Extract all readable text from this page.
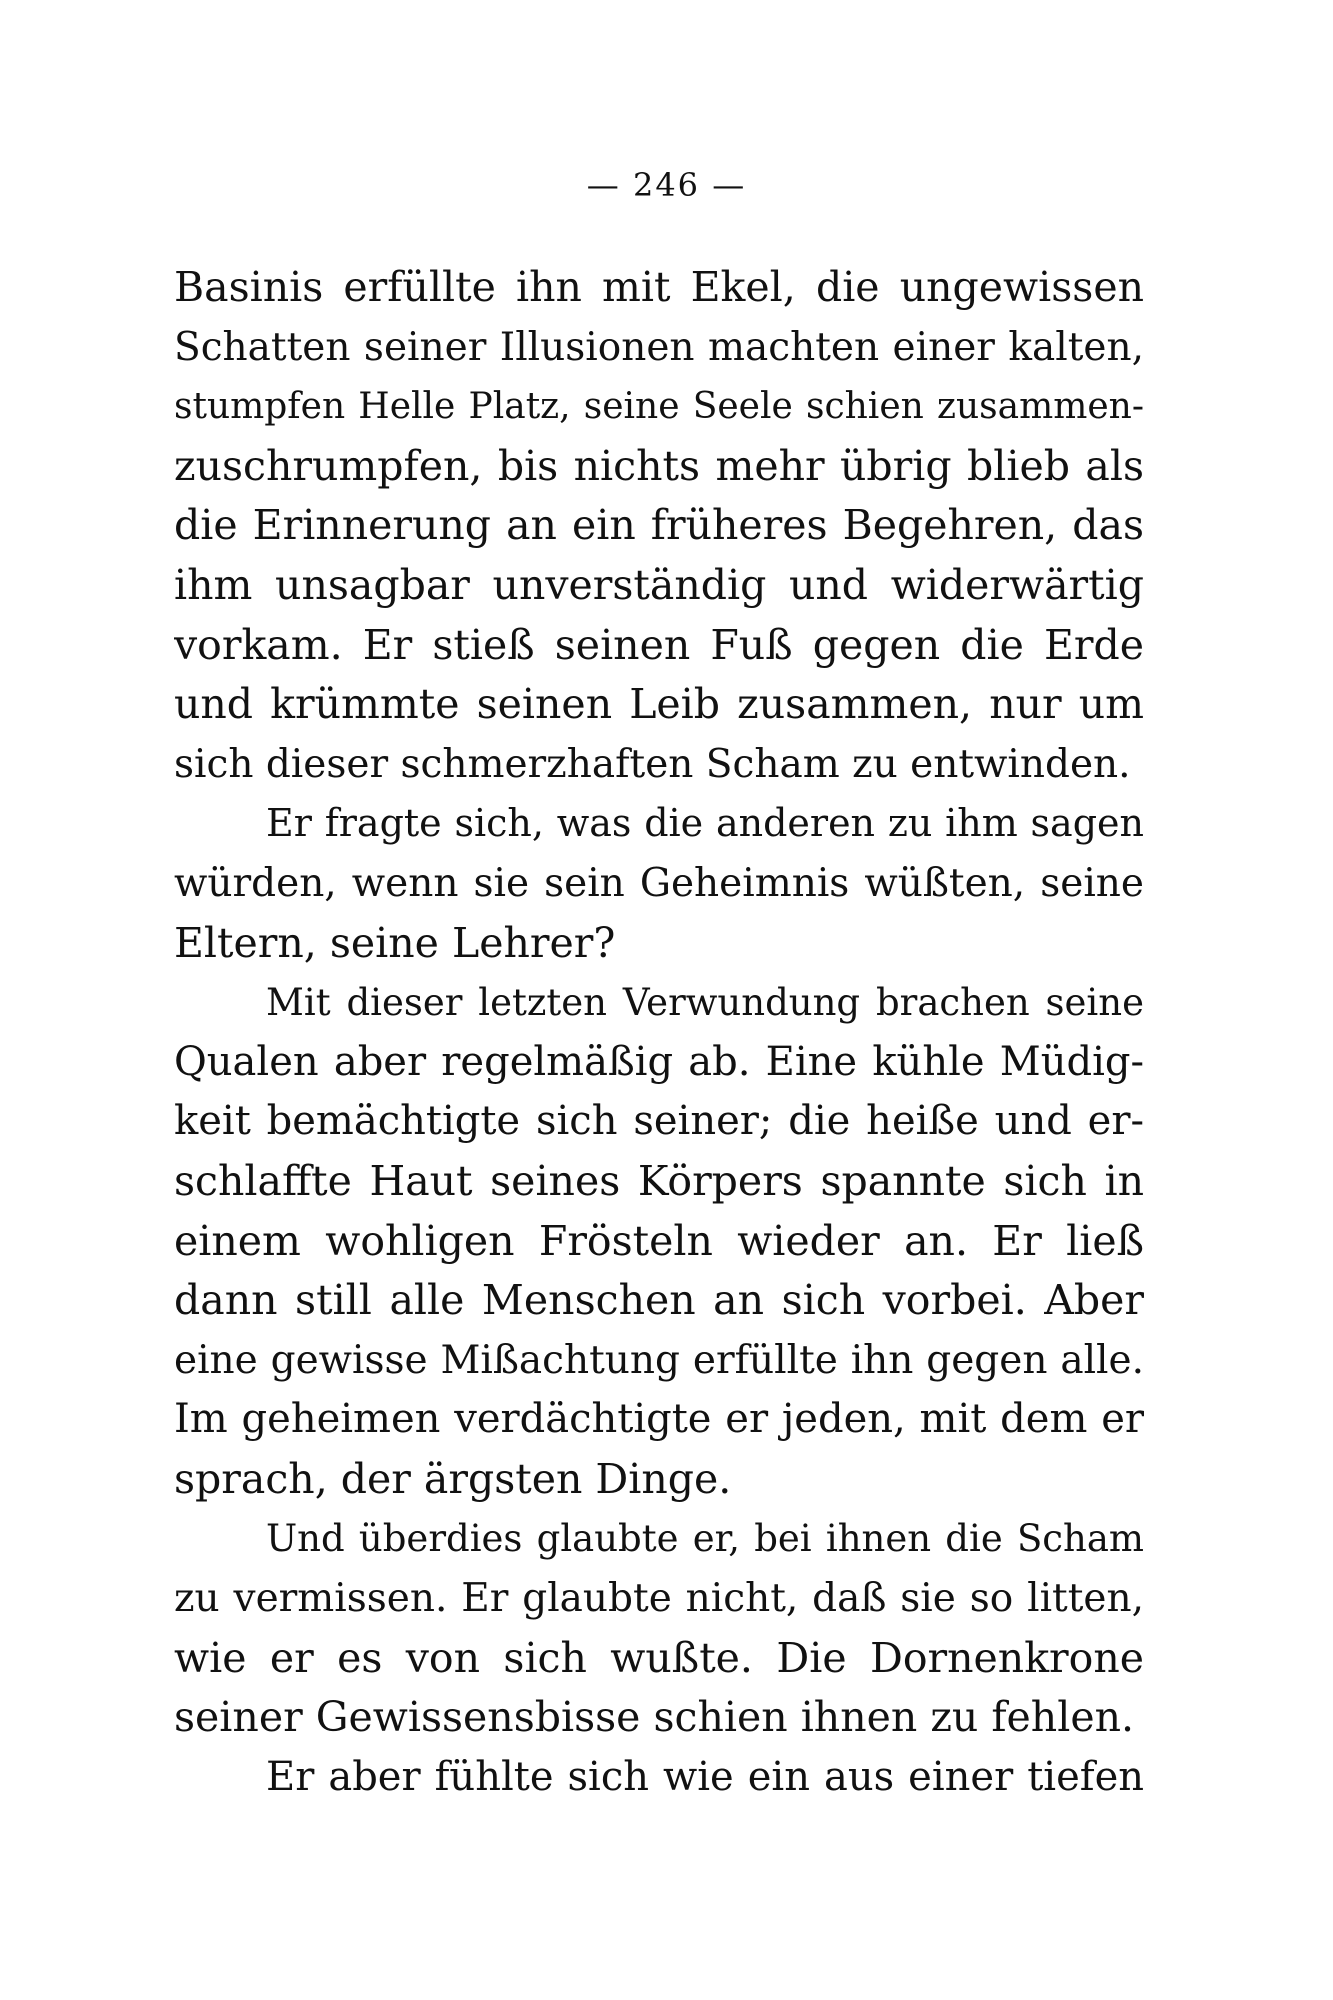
— 246 —
Basinis erfüllte ihn mit Ekel, die ungewissen
Schatten seiner Illusionen machten einer kalten,
stumpfen Helle Platz, seine Seele schien zusammen-
zuschrumpfen, bis nichts mehr übrig blieb als
die Erinnerung an ein früheres Begehren, das
ihm unsagbar unverständig und widerwärtig
vorkam. Er stieß seinen Fuß gegen die Erde
und krümmte seinen Leib zusammen, nur um
sich dieser schmerzhaften Scham zu entwinden.
Er fragte sich, was die anderen zu ihm sagen
würden, wenn sie sein Geheimnis wüßten, seine
Eltern, seine Lehrer?
Mit dieser letzten Verwundung brachen seine
Qualen aber regelmäßig ab. Eine kühle Müdig-
keit bemächtigte sich seiner; die heiße und er-
schlaffte Haut seines Körpers spannte sich in
einem wohligen Frösteln wieder an. Er ließ
dann still alle Menschen an sich vorbei. Aber
eine gewisse Mißachtung erfüllte ihn gegen alle.
Im geheimen verdächtigte er jeden, mit dem er
sprach, der ärgsten Dinge.
Und überdies glaubte er, bei ihnen die Scham
zu vermissen. Er glaubte nicht, daß sie so litten,
wie er es von sich wußte. Die Dornenkrone
seiner Gewissensbisse schien ihnen zu fehlen.
Er aber fühlte sich wie ein aus einer tiefen
